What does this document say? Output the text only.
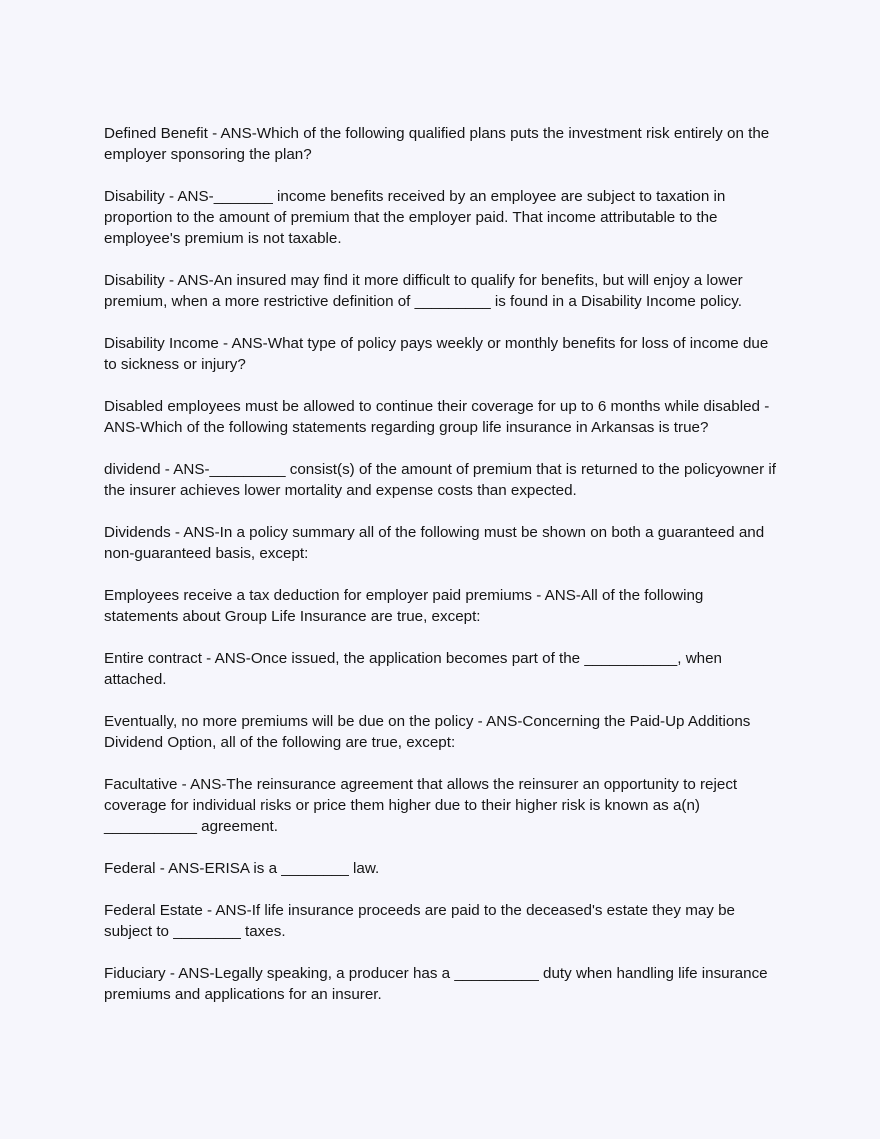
Defined Benefit - ANS-Which of the following qualified plans puts the investment risk entirely on the employer sponsoring the plan?

Disability - ANS-_______ income benefits received by an employee are subject to taxation in proportion to the amount of premium that the employer paid. That income attributable to the employee's premium is not taxable.

Disability - ANS-An insured may find it more difficult to qualify for benefits, but will enjoy a lower premium, when a more restrictive definition of _________ is found in a Disability Income policy.

Disability Income - ANS-What type of policy pays weekly or monthly benefits for loss of income due to sickness or injury?

Disabled employees must be allowed to continue their coverage for up to 6 months while disabled - ANS-Which of the following statements regarding group life insurance in Arkansas is true?

dividend - ANS-_________ consist(s) of the amount of premium that is returned to the policyowner if the insurer achieves lower mortality and expense costs than expected.

Dividends - ANS-In a policy summary all of the following must be shown on both a guaranteed and non-guaranteed basis, except:

Employees receive a tax deduction for employer paid premiums - ANS-All of the following statements about Group Life Insurance are true, except:

Entire contract - ANS-Once issued, the application becomes part of the ___________, when attached.

Eventually, no more premiums will be due on the policy - ANS-Concerning the Paid-Up Additions Dividend Option, all of the following are true, except:

Facultative - ANS-The reinsurance agreement that allows the reinsurer an opportunity to reject coverage for individual risks or price them higher due to their higher risk is known as a(n) ___________ agreement.

Federal - ANS-ERISA is a ________ law.

Federal Estate - ANS-If life insurance proceeds are paid to the deceased's estate they may be subject to ________ taxes.

Fiduciary - ANS-Legally speaking, a producer has a __________ duty when handling life insurance premiums and applications for an insurer.
